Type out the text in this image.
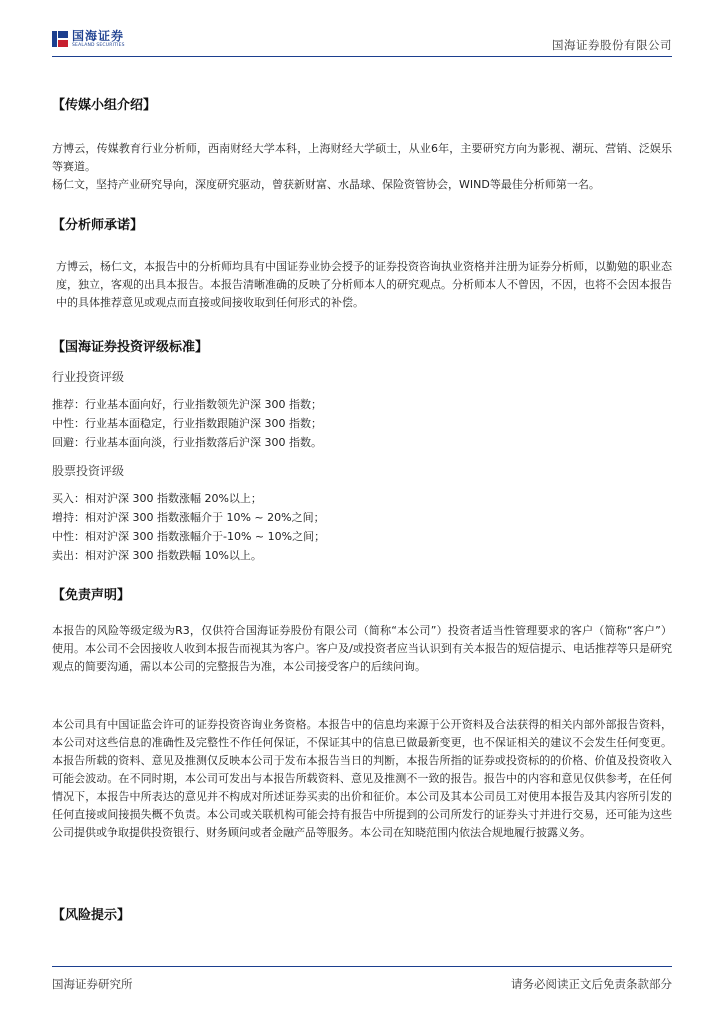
国海证券
SEALAND SECURITIES	国海证券股份有限公司
【传媒小组介绍】

方博云，传媒教育行业分析师，西南财经大学本科，上海财经大学硕士，从业6年，主要研究方向为影视、潮玩、营销、泛娱乐等赛道。

杨仁文，坚持产业研究导向，深度研究驱动，曾获新财富、水晶球、保险资管协会，WIND等最佳分析师第一名。

【分析师承诺】

方博云，杨仁文，本报告中的分析师均具有中国证券业协会授予的证券投资咨询执业资格并注册为证券分析师，以勤勉的职业态度，独立，客观的出具本报告。本报告清晰准确的反映了分析师本人的研究观点。分析师本人不曾因，不因，也将不会因本报告中的具体推荐意见或观点而直接或间接收取到任何形式的补偿。

【国海证券投资评级标准】
行业投资评级
推荐：行业基本面向好，行业指数领先沪深 300 指数；
中性：行业基本面稳定，行业指数跟随沪深 300 指数；
回避：行业基本面向淡，行业指数落后沪深 300 指数。
股票投资评级
买入：相对沪深 300 指数涨幅 20%以上；
增持：相对沪深 300 指数涨幅介于 10% ~ 20%之间；
中性：相对沪深 300 指数涨幅介于-10% ~ 10%之间；
卖出：相对沪深 300 指数跌幅 10%以上。
【免责声明】

本报告的风险等级定级为R3，仅供符合国海证券股份有限公司（简称“本公司”）投资者适当性管理要求的客户（简称“客户”）使用。本公司不会因接收人收到本报告而视其为客户。客户及/或投资者应当认识到有关本报告的短信提示、电话推荐等只是研究观点的简要沟通，需以本公司的完整报告为准，本公司接受客户的后续问询。

本公司具有中国证监会许可的证券投资咨询业务资格。本报告中的信息均来源于公开资料及合法获得的相关内部外部报告资料，本公司对这些信息的准确性及完整性不作任何保证，不保证其中的信息已做最新变更，也不保证相关的建议不会发生任何变更。本报告所载的资料、意见及推测仅反映本公司于发布本报告当日的判断，本报告所指的证券或投资标的的价格、价值及投资收入可能会波动。在不同时期，本公司可发出与本报告所载资料、意见及推测不一致的报告。报告中的内容和意见仅供参考，在任何情况下，本报告中所表达的意见并不构成对所述证券买卖的出价和征价。本公司及其本公司员工对使用本报告及其内容所引发的任何直接或间接损失概不负责。本公司或关联机构可能会持有报告中所提到的公司所发行的证券头寸并进行交易，还可能为这些公司提供或争取提供投资银行、财务顾问或者金融产品等服务。本公司在知晓范围内依法合规地履行披露义务。

【风险提示】
国海证券研究所	请务必阅读正文后免责条款部分
